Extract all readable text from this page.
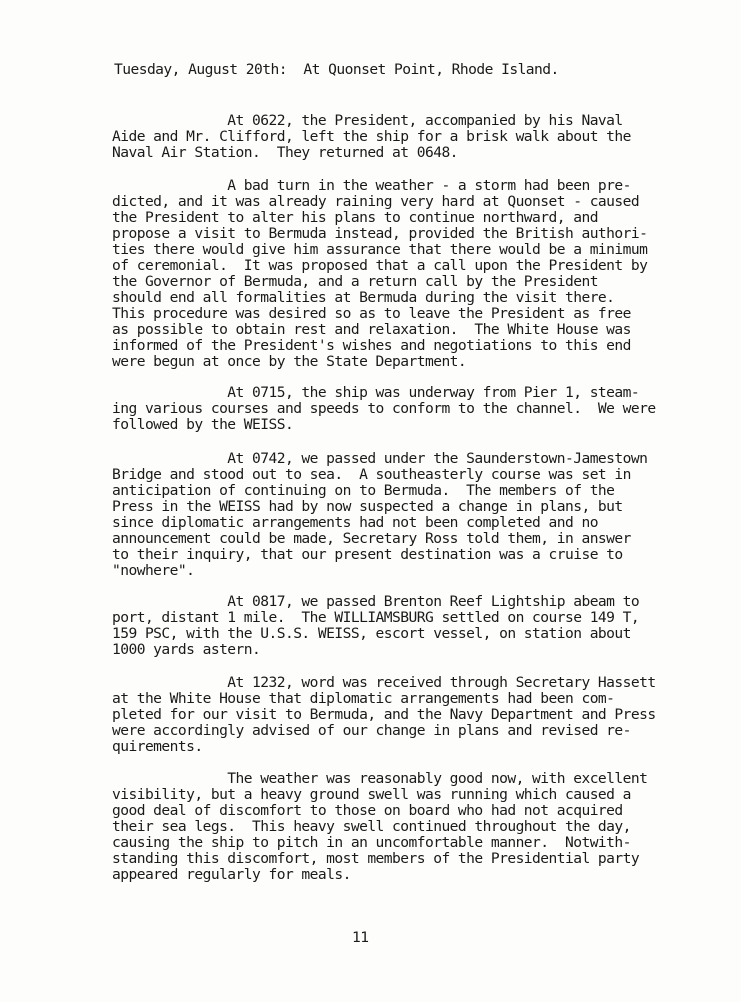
Tuesday, August 20th:  At Quonset Point, Rhode Island.

At 0622, the President, accompanied by his Naval
Aide and Mr. Clifford, left the ship for a brisk walk about the
Naval Air Station.  They returned at 0648.

A bad turn in the weather - a storm had been pre-
dicted, and it was already raining very hard at Quonset - caused
the President to alter his plans to continue northward, and
propose a visit to Bermuda instead, provided the British authori-
ties there would give him assurance that there would be a minimum
of ceremonial.  It was proposed that a call upon the President by
the Governor of Bermuda, and a return call by the President
should end all formalities at Bermuda during the visit there.
This procedure was desired so as to leave the President as free
as possible to obtain rest and relaxation.  The White House was
informed of the President's wishes and negotiations to this end
were begun at once by the State Department.

At 0715, the ship was underway from Pier 1, steam-
ing various courses and speeds to conform to the channel.  We were
followed by the WEISS.

At 0742, we passed under the Saunderstown-Jamestown
Bridge and stood out to sea.  A southeasterly course was set in
anticipation of continuing on to Bermuda.  The members of the
Press in the WEISS had by now suspected a change in plans, but
since diplomatic arrangements had not been completed and no
announcement could be made, Secretary Ross told them, in answer
to their inquiry, that our present destination was a cruise to
"nowhere".

At 0817, we passed Brenton Reef Lightship abeam to
port, distant 1 mile.  The WILLIAMSBURG settled on course 149 T,
159 PSC, with the U.S.S. WEISS, escort vessel, on station about
1000 yards astern.

At 1232, word was received through Secretary Hassett
at the White House that diplomatic arrangements had been com-
pleted for our visit to Bermuda, and the Navy Department and Press
were accordingly advised of our change in plans and revised re-
quirements.

The weather was reasonably good now, with excellent
visibility, but a heavy ground swell was running which caused a
good deal of discomfort to those on board who had not acquired
their sea legs.  This heavy swell continued throughout the day,
causing the ship to pitch in an uncomfortable manner.  Notwith-
standing this discomfort, most members of the Presidential party
appeared regularly for meals.

11
